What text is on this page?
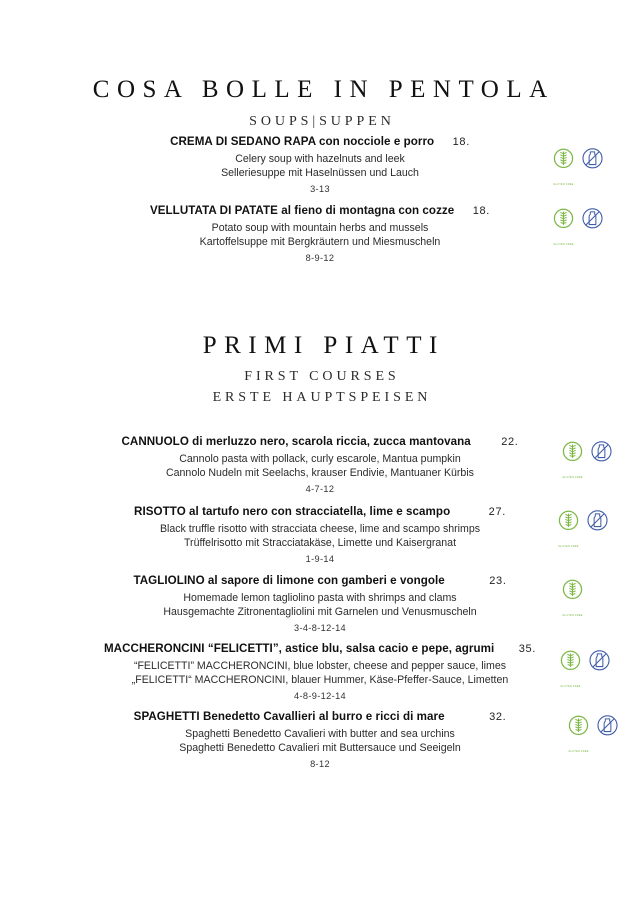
COSA BOLLE IN PENTOLA
SOUPS|SUPPEN
CREMA DI SEDANO RAPA con nocciole e porro 18.
Celery soup with hazelnuts and leek
Selleriesuppe mit Haselnüssen und Lauch
3-13	GLUTEN FREE
VELLUTATA DI PATATE al fieno di montagna con cozze 18.
Potato soup with mountain herbs and mussels
Kartoffelsuppe mit Bergkräutern und Miesmuscheln
8-9-12
GLUTEN FREE
PRIMI PIATTI
FIRST COURSES
ERSTE HAUPTSPEISEN
CANNUOLO di merluzzo nero, scarola riccia, zucca mantovana	22.
Cannolo pasta with pollack, curly escarole, Mantua pumpkin
Cannolo Nudeln mit Seelachs, krauser Endivie, Mantuaner Kürbis
4-7-12
GLUTEN FREE
RISOTTO al tartufo nero con stracciatella, lime e scampo	27.
Black truffle risotto with stracciata cheese, lime and scampo shrimps
Trüffelrisotto mit Stracciatakäse, Limette und Kaisergranat
1-9-14
GLUTEN FREE
TAGLIOLINO al sapore di limone con gamberi e vongole	23.
Homemade lemon tagliolino pasta with shrimps and clams
Hausgemachte Zitronentagliolini mit Garnelen und Venusmuscheln
3-4-8-12-14
GLUTEN FREE
MACCHERONCINI “FELICETTI”, astice blu, salsa cacio e pepe, agrumi 35.
“FELICETTI” MACCHERONCINI, blue lobster, cheese and pepper sauce, limes
„FELICETTI“ MACCHERONCINI, blauer Hummer, Käse-Pfeffer-Sauce, Limetten
4-8-9-12-14
GLUTEN FREE
SPAGHETTI Benedetto Cavallieri al burro e ricci di mare	32.
Spaghetti Benedetto Cavalieri with butter and sea urchins
Spaghetti Benedetto Cavalieri mit Buttersauce und Seeigeln
8-12
GLUTEN FREE
